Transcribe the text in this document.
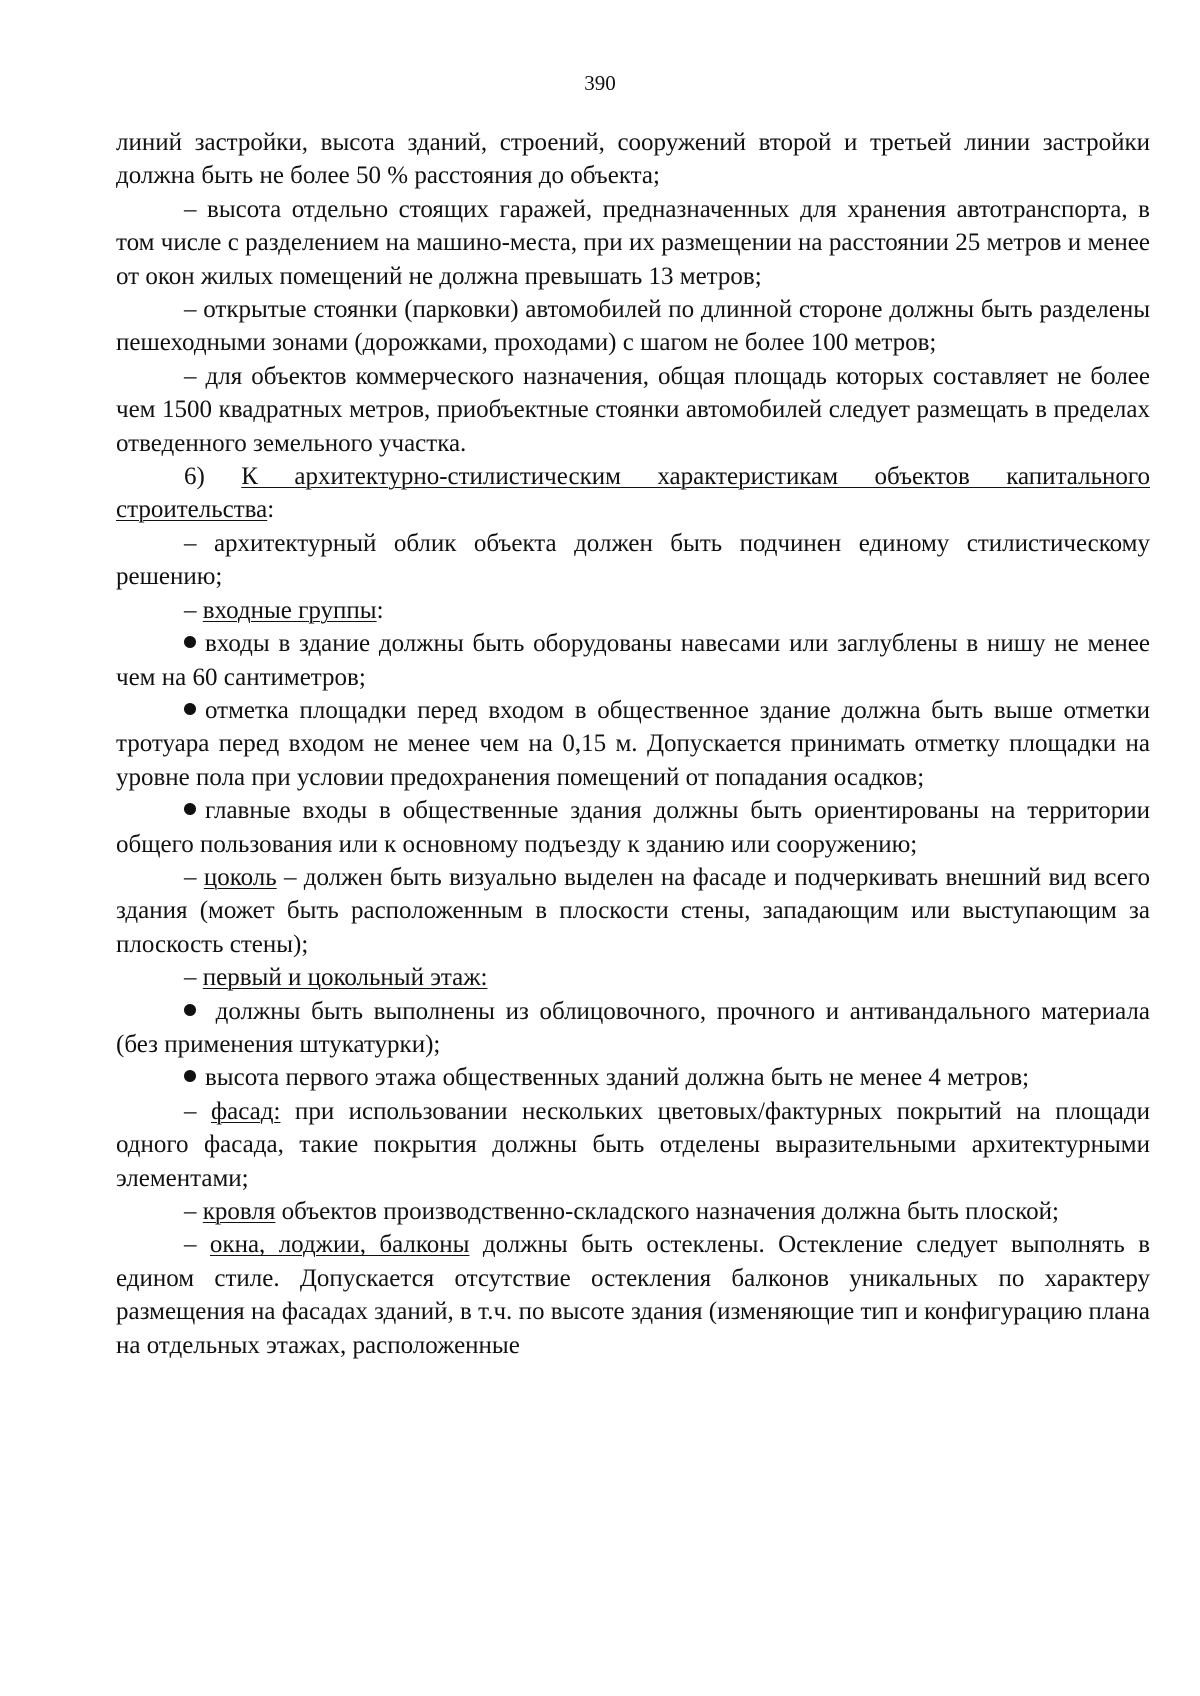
390

линий застройки, высота зданий, строений, сооружений второй и третьей линии застройки должна быть не более 50 % расстояния до объекта;

– высота отдельно стоящих гаражей, предназначенных для хранения автотранспорта, в том числе с разделением на машино-места, при их размещении на расстоянии 25 метров и менее от окон жилых помещений не должна превышать 13 метров;

– открытые стоянки (парковки) автомобилей по длинной стороне должны быть разделены пешеходными зонами (дорожками, проходами) с шагом не более 100 метров;

– для объектов коммерческого назначения, общая площадь которых составляет не более чем 1500 квадратных метров, приобъектные стоянки автомобилей следует размещать в пределах отведенного земельного участка.

6) К архитектурно-стилистическим характеристикам объектов капитального строительства:

– архитектурный облик объекта должен быть подчинен единому стилистическому решению;

– входные группы:

входы в здание должны быть оборудованы навесами или заглублены в нишу не менее чем на 60 сантиметров;

отметка площадки перед входом в общественное здание должна быть выше отметки тротуара перед входом не менее чем на 0,15 м. Допускается принимать отметку площадки на уровне пола при условии предохранения помещений от попадания осадков;

главные входы в общественные здания должны быть ориентированы на территории общего пользования или к основному подъезду к зданию или сооружению;

– цоколь – должен быть визуально выделен на фасаде и подчеркивать внешний вид всего здания (может быть расположенным в плоскости стены, западающим или выступающим за плоскость стены);

– первый и цокольный этаж:

должны быть выполнены из облицовочного, прочного и антивандального материала (без применения штукатурки);

высота первого этажа общественных зданий должна быть не менее 4 метров;

– фасад: при использовании нескольких цветовых/фактурных покрытий на площади одного фасада, такие покрытия должны быть отделены выразительными архитектурными элементами;

– кровля объектов производственно-складского назначения должна быть плоской;

– окна, лоджии, балконы должны быть остеклены. Остекление следует выполнять в едином стиле. Допускается отсутствие остекления балконов уникальных по характеру размещения на фасадах зданий, в т.ч. по высоте здания (изменяющие тип и конфигурацию плана на отдельных этажах, расположенные
